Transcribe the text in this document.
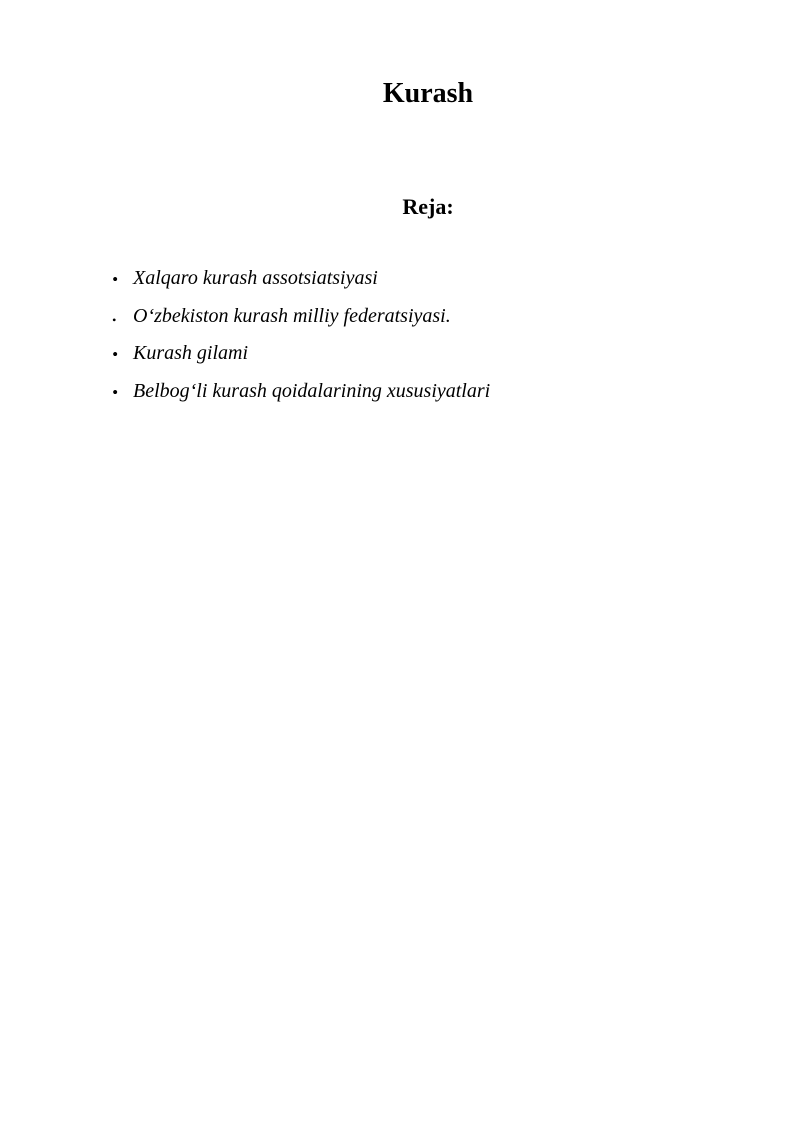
Kurash
Reja:
• Xalqaro kurash assotsiatsiyasi
• O‘zbekiston kurash milliy federatsiyasi.
• Kurash gilami
• Belbog‘li kurash qoidalarining xususiyatlari
